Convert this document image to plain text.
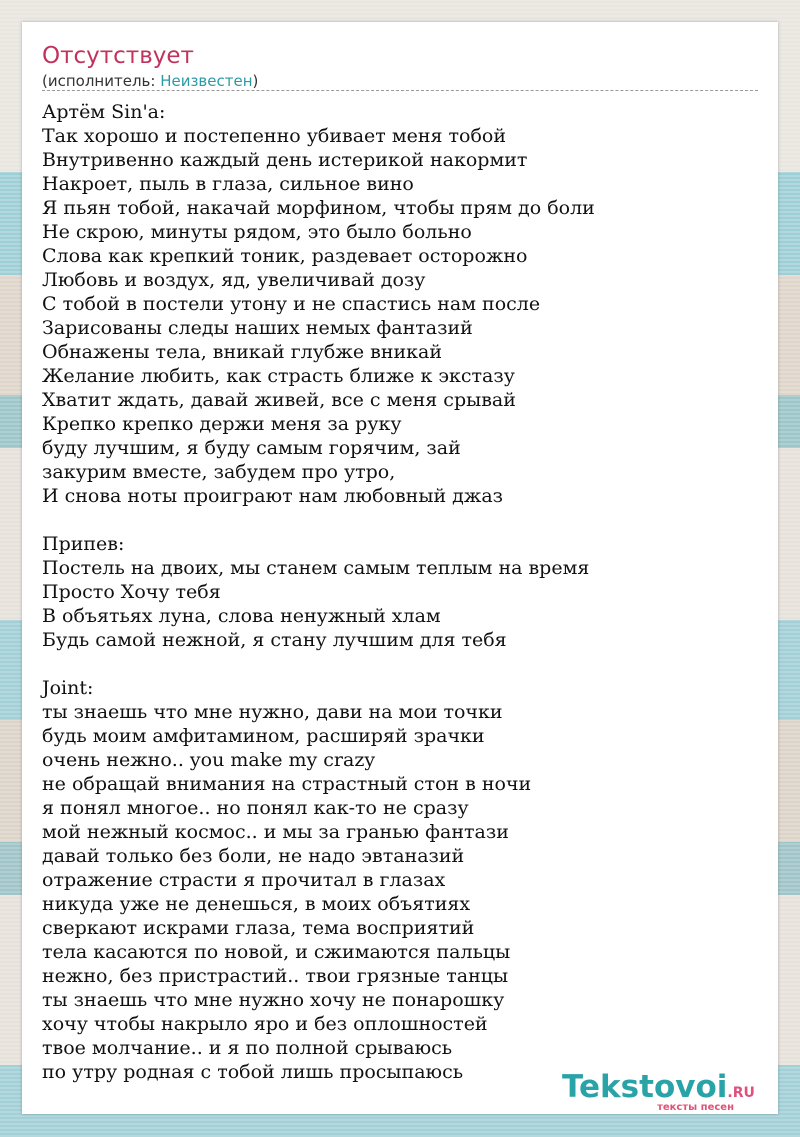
Отсутствует
(исполнитель: Неизвестен)
Артём Sin'a:
Так хорошо и постепенно убивает меня тобой
Внутривенно каждый день истерикой накормит
Накроет, пыль в глаза, сильное вино
Я пьян тобой, накачай морфином, чтобы прям до боли
Не скрою, минуты рядом, это было больно
Слова как крепкий тоник, раздевает осторожно
Любовь и воздух, яд, увеличивай дозу
С тобой в постели утону и не спастись нам после
Зарисованы следы наших немых фантазий
Обнажены тела, вникай глубже вникай
Желание любить, как страсть ближе к экстазу
Хватит ждать, давай живей, все с меня срывай
Крепко крепко держи меня за руку
буду лучшим, я буду самым горячим, зай
закурим вместе, забудем про утро,
И снова ноты проиграют нам любовный джаз
Припев:
Постель на двоих, мы станем самым теплым на время
Просто Хочу тебя
В объятьях луна, слова ненужный хлам
Будь самой нежной, я стану лучшим для тебя
Joint:
ты знаешь что мне нужно, дави на мои точки
будь моим амфитамином, расширяй зрачки
очень нежно.. you make my crazy
не обращай внимания на страстный стон в ночи
я понял многое.. но понял как-то не сразу
мой нежный космос.. и мы за гранью фантази
давай только без боли, не надо эвтаназий
отражение страсти я прочитал в глазах
никуда уже не денешься, в моих объятиях
сверкают искрами глаза, тема восприятий
тела касаются по новой, и сжимаются пальцы
нежно, без пристрастий.. твои грязные танцы
ты знаешь что мне нужно хочу не понарошку
хочу чтобы накрыло яро и без оплошностей
твое молчание.. и я по полной срываюсь
по утру родная с тобой лишь просыпаюсь	Tekstovoi.RU
тексты песен
